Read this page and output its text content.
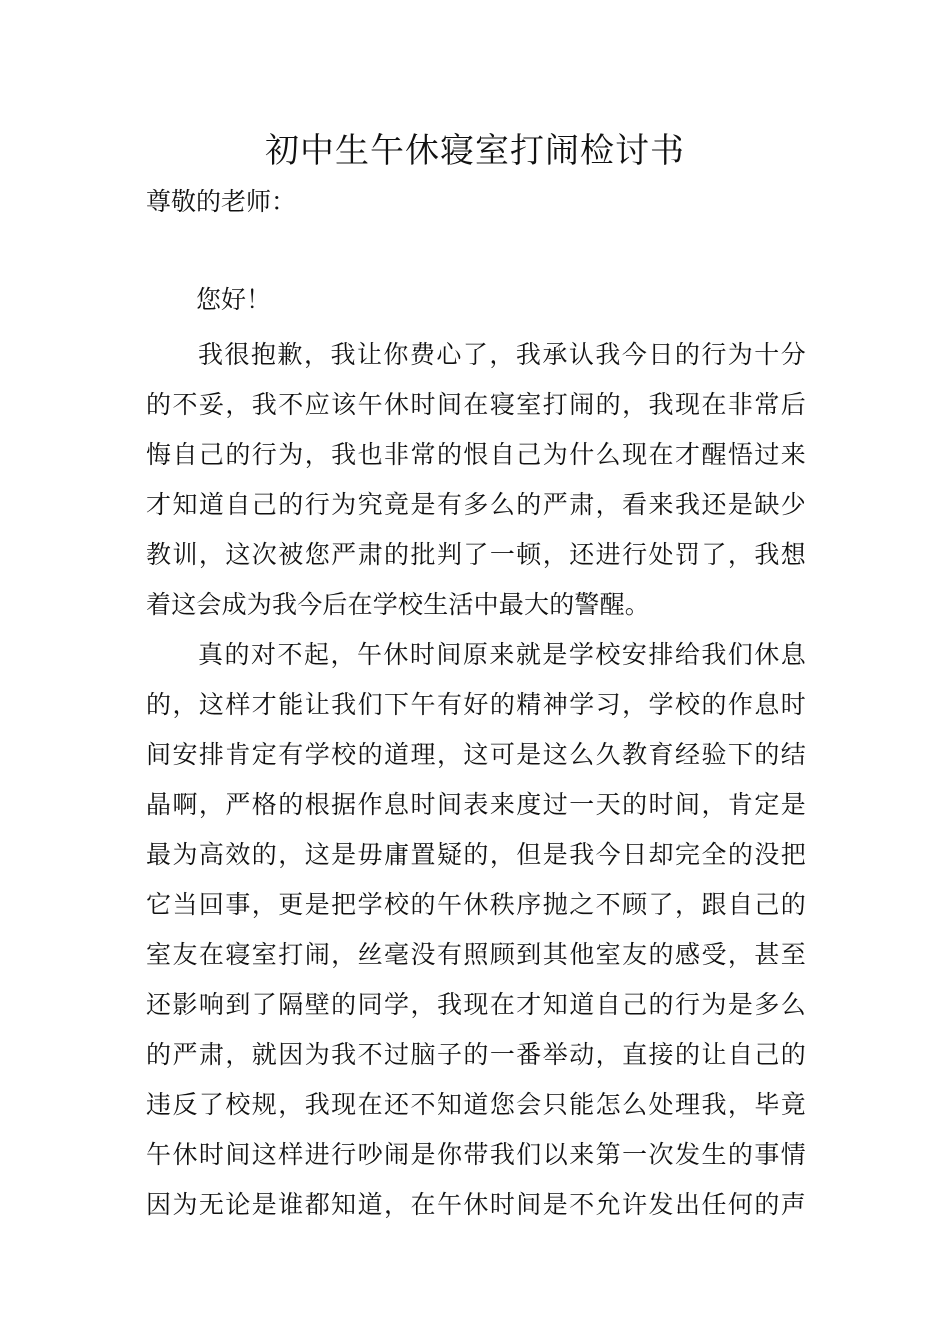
初中生午休寝室打闹检讨书
尊敬的老师：
您好！
我很抱歉，我让你费心了，我承认我今日的行为十分
的不妥，我不应该午休时间在寝室打闹的，我现在非常后
悔自己的行为，我也非常的恨自己为什么现在才醒悟过来
才知道自己的行为究竟是有多么的严肃，看来我还是缺少
教训，这次被您严肃的批判了一顿，还进行处罚了，我想
着这会成为我今后在学校生活中最大的警醒。
真的对不起，午休时间原来就是学校安排给我们休息
的，这样才能让我们下午有好的精神学习，学校的作息时
间安排肯定有学校的道理，这可是这么久教育经验下的结
晶啊，严格的根据作息时间表来度过一天的时间，肯定是
最为高效的，这是毋庸置疑的，但是我今日却完全的没把
它当回事，更是把学校的午休秩序抛之不顾了，跟自己的
室友在寝室打闹，丝毫没有照顾到其他室友的感受，甚至
还影响到了隔壁的同学，我现在才知道自己的行为是多么
的严肃，就因为我不过脑子的一番举动，直接的让自己的
违反了校规，我现在还不知道您会只能怎么处理我，毕竟
午休时间这样进行吵闹是你带我们以来第一次发生的事情
因为无论是谁都知道，在午休时间是不允许发出任何的声
